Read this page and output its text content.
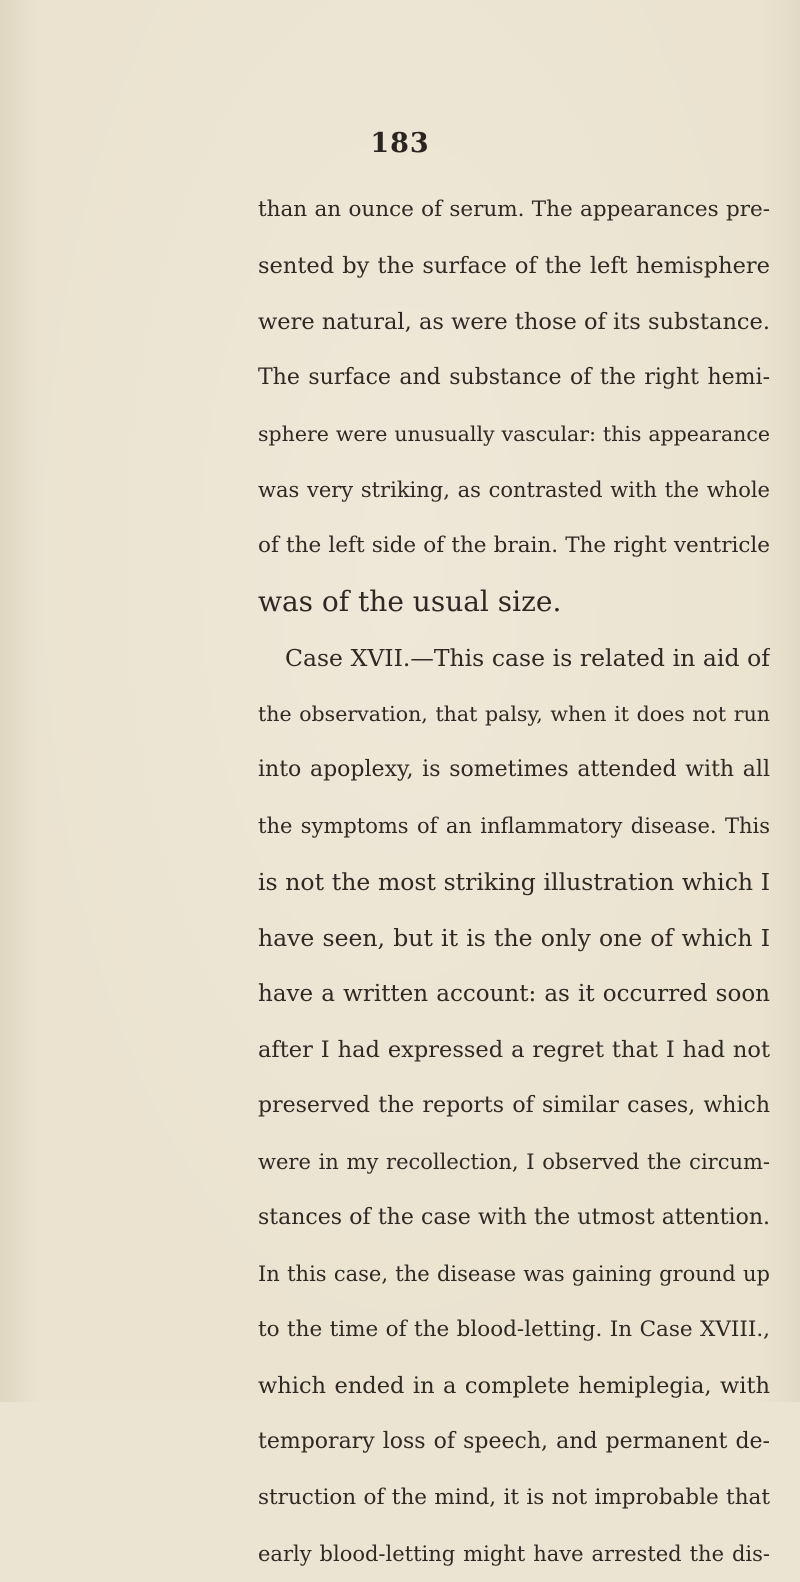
183
than an ounce of serum. The appearances pre-
sented by the surface of the left hemisphere
were natural, as were those of its substance.
The surface and substance of the right hemi-
sphere were unusually vascular: this appearance
was very striking, as contrasted with the whole
of the left side of the brain. The right ventricle
was of the usual size.
Case XVII.—This case is related in aid of
the observation, that palsy, when it does not run
into apoplexy, is sometimes attended with all
the symptoms of an inflammatory disease. This
is not the most striking illustration which I
have seen, but it is the only one of which I
have a written account: as it occurred soon
after I had expressed a regret that I had not
preserved the reports of similar cases, which
were in my recollection, I observed the circum-
stances of the case with the utmost attention.
In this case, the disease was gaining ground up
to the time of the blood-letting. In Case XVIII.,
which ended in a complete hemiplegia, with
temporary loss of speech, and permanent de-
struction of the mind, it is not improbable that
early blood-letting might have arrested the dis-
